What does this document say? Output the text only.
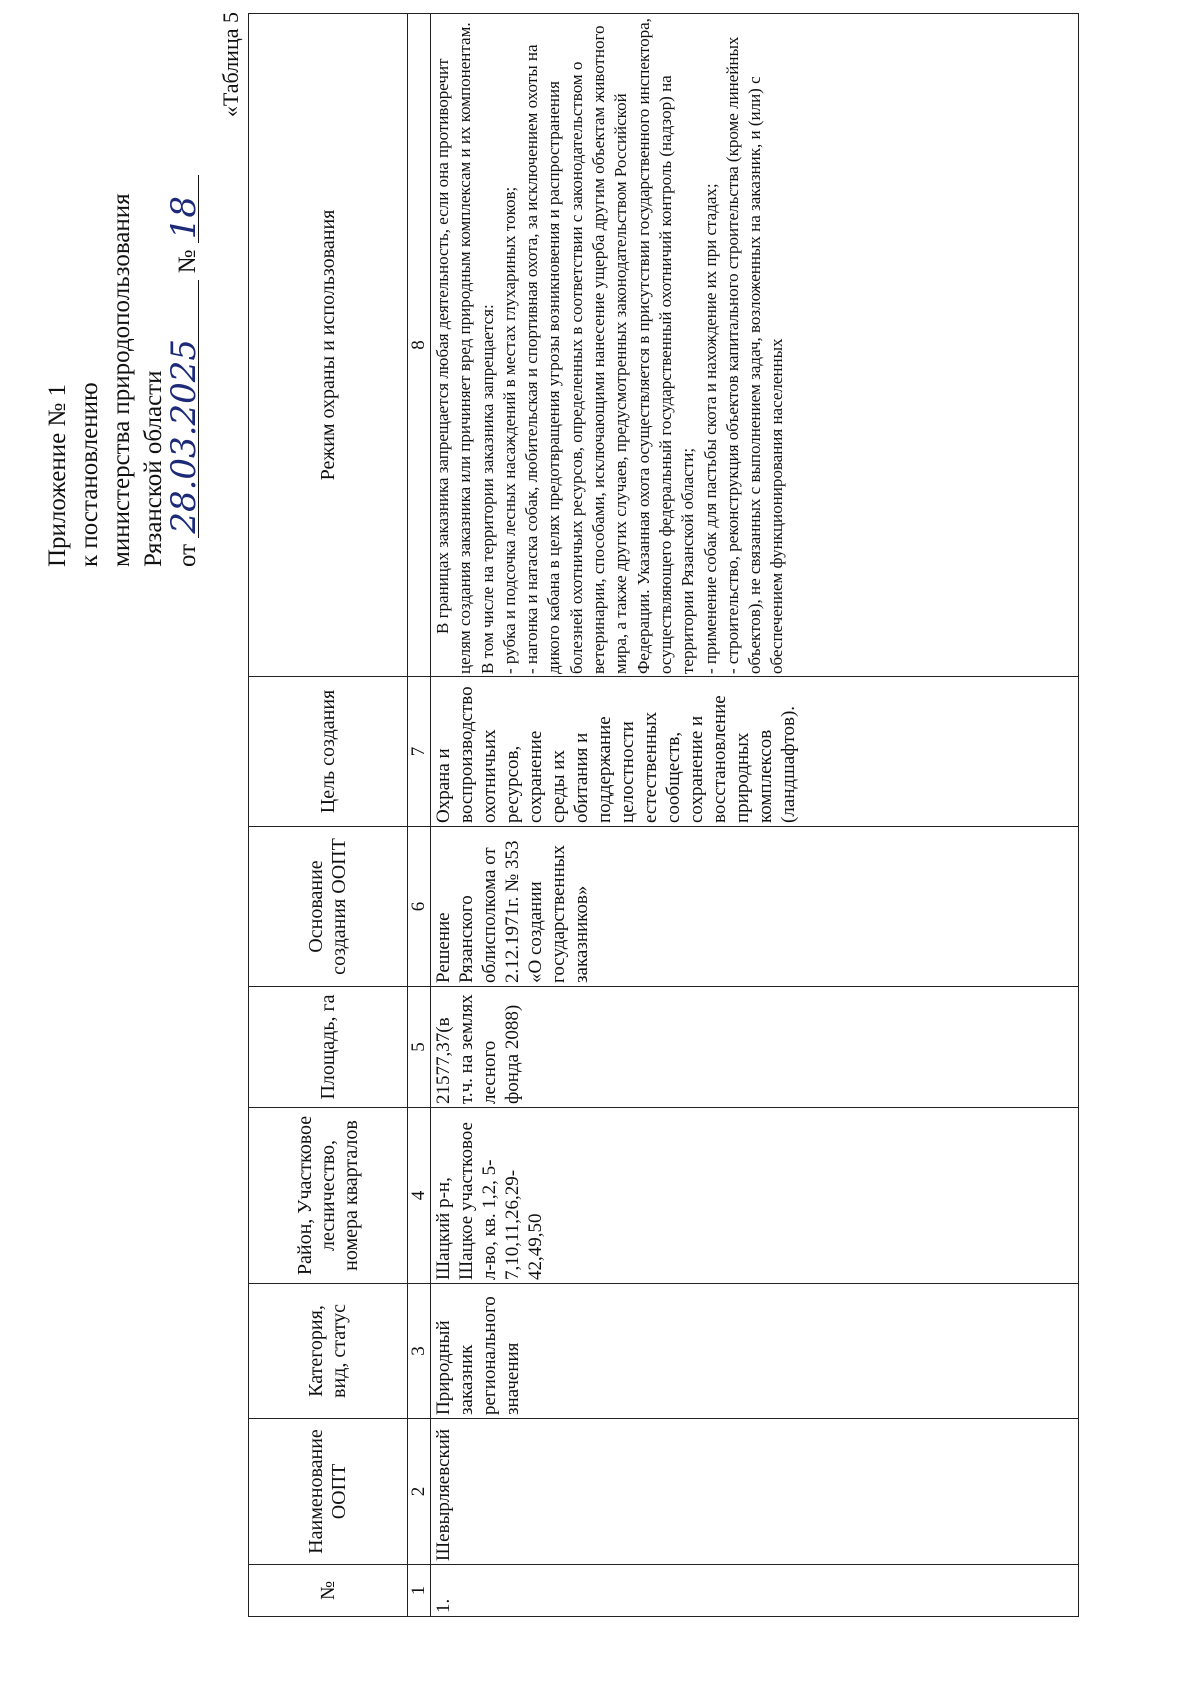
Приложение № 1 к постановлению министерства природопользования Рязанской области от 28.03.2025 № 18
«Таблица 5
№	Наименование ООПТ	Категория, вид, статус	Район, Участковое лесничество, номера кварталов	Площадь, га	Основание создания ООПТ	Цель создания	Режим охраны и использования
1	2	3	4	5	6	7	8
1.	Шевырляевский	Природный заказник регионального значения	Шацкий р-н, Шацкое участковое л-во, кв. 1,2, 5-7,10,11,26,29-42,49,50	21577,37(в т.ч. на землях лесного фонда 2088)	Решение Рязанского облисполкома от 2.12.1971г. № 353 «О создании государственных заказников»	Охрана и воспроизводство охотничьих ресурсов, сохранение среды их обитания и поддержание целостности естественных сообществ, сохранение и восстановление природных комплексов (ландшафтов).	В границах заказника запрещается любая деятельность, если она противоречит целям создания заказника или причиняет вред природным комплексам и их компонентам. В том числе на территории заказника запрещается: - рубка и подсочка лесных насаждений в местах глухариных токов; - нагонка и натаска собак, любительская и спортивная охота, за исключением охоты на дикого кабана в целях предотвращения угрозы возникновения и распространения болезней охотничьих ресурсов, определенных в соответствии с законодательством о ветеринарии, способами, исключающими нанесение ущерба другим объектам животного мира, а также других случаев, предусмотренных законодательством Российской Федерации. Указанная охота осуществляется в присутствии государственного инспектора, осуществляющего федеральный государственный охотничий контроль (надзор) на территории Рязанской области; - применение собак для пастьбы скота и нахождение их при стадах; - строительство, реконструкция объектов капитального строительства (кроме линейных объектов), не связанных с выполнением задач, возложенных на заказник, и (или) с обеспечением функционирования населенных
